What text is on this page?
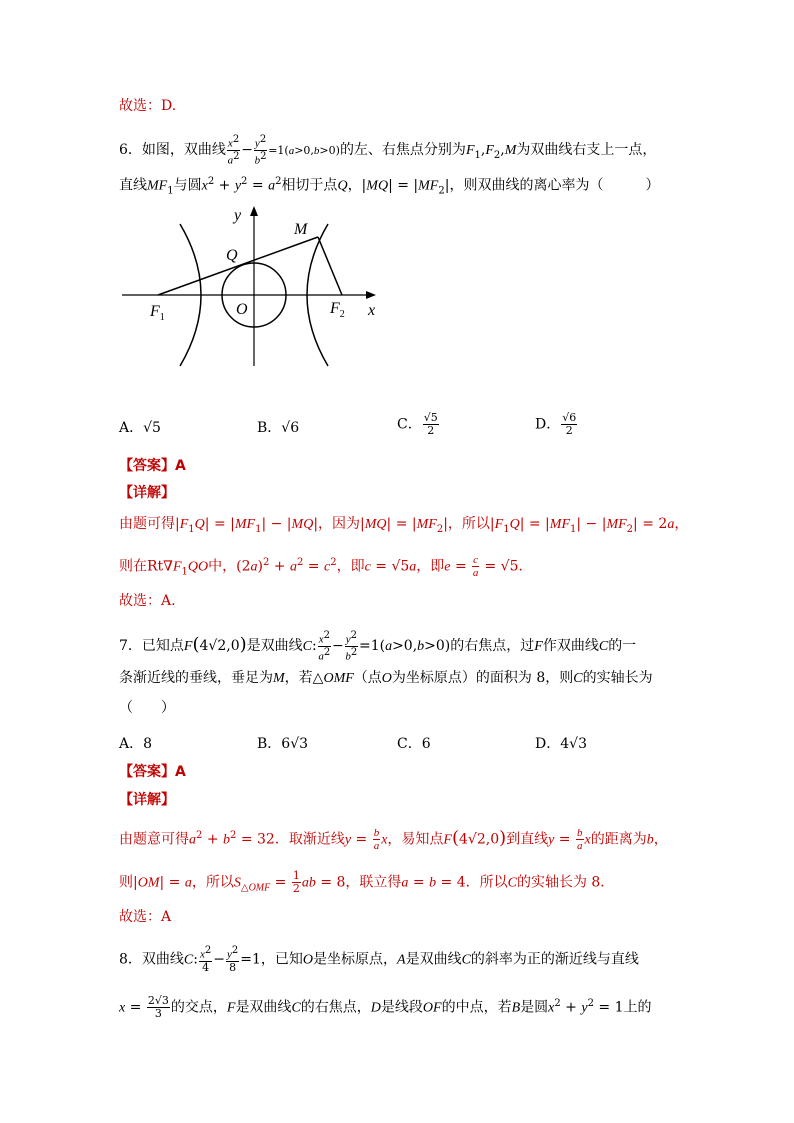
故选：D.
6．如图，双曲线 $\frac{x^2}{a^2} - \frac{y^2}{b^2} =1(a>0,b>0)$的左、右焦点分别为$F_1,F_2,M$为双曲线右支上一点，
直线$MF_1$与圆$x^2 + y^2 = a^2$相切于点Q，$|MQ| = |MF_2|$，则双曲线的离心率为（　　　）
y
x
M
Q
O
$F_1$
$F_2$
A．√5	B．√6	C． $\frac{√5}{2}$	D． $\frac{√6}{2}$
【答案】A
【详解】
由题可得$|F_1Q| = |MF_1| - |MQ|$，因为$|MQ| = |MF_2|$，所以$|F_1Q| = |MF_1| - |MF_2| = 2a$，
则在$Rt\nabla F_1QO$中，$(2a)^2 + a^2 = c^2$，即c = √5a，即$e = \frac{c}{a} = √5$．
故选：A.
7．已知点F(4√2,0)是双曲线C: $\frac{x^2}{a^2} - \frac{y^2}{b^2} =1(a>0,b>0)$的右焦点，过F作双曲线C的一
条渐近线的垂线，垂足为M，若△OMF（点O为坐标原点）的面积为 8，则C的实轴长为
（　　）
A．8	B．6√3	C．6	D．4√3
【答案】A
【详解】
由题意可得$a^2 + b^2 = 32$．取渐近线$y = \frac{b}{a}$ x，易知点F(4√2,0)到直线$y = \frac{b}{a}$ x的距离为b，
则|OM| = a，所以$S_{\triangle OMF} = \frac{1}{2}$ ab = 8，联立得a = b = 4．所以C的实轴长为 8．
故选：A
8．双曲线C: $\frac{x^2}{4} - \frac{y^2}{8} =1$，已知O是坐标原点，A是双曲线C的斜率为正的渐近线与直线
$x = \frac{2√3}{3}$ 的交点，F是双曲线C的右焦点，D是线段OF的中点，若B是圆$x^2 + y^2 = 1$上的
